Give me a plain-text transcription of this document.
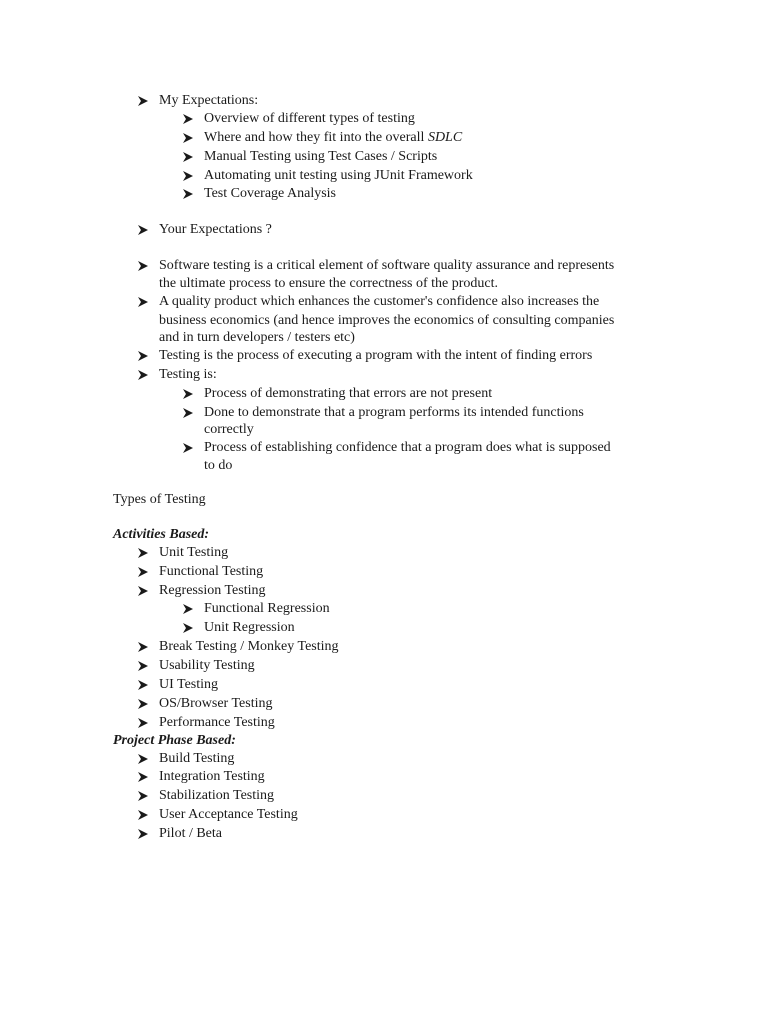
My Expectations:
Overview of different types of testing
Where and how they fit into the overall SDLC
Manual Testing using Test Cases / Scripts
Automating unit testing using JUnit Framework
Test Coverage Analysis
Your Expectations ?
Software testing is a critical element of software quality assurance and represents
the ultimate process to ensure the correctness of the product.
A quality product which enhances the customer's confidence also increases the
business economics (and hence improves the economics of consulting companies
and in turn developers / testers etc)
Testing is the process of executing a program with the intent of finding errors
Testing is:
Process of demonstrating that errors are not present
Done to demonstrate that a program performs its intended functions
correctly
Process of establishing confidence that a program does what is supposed
to do
Types of Testing
Activities Based:
Unit Testing
Functional Testing
Regression Testing
Functional Regression
Unit Regression
Break Testing / Monkey Testing
Usability Testing
UI Testing
OS/Browser Testing
Performance Testing
Project Phase Based:
Build Testing
Integration Testing
Stabilization Testing
User Acceptance Testing
Pilot / Beta
